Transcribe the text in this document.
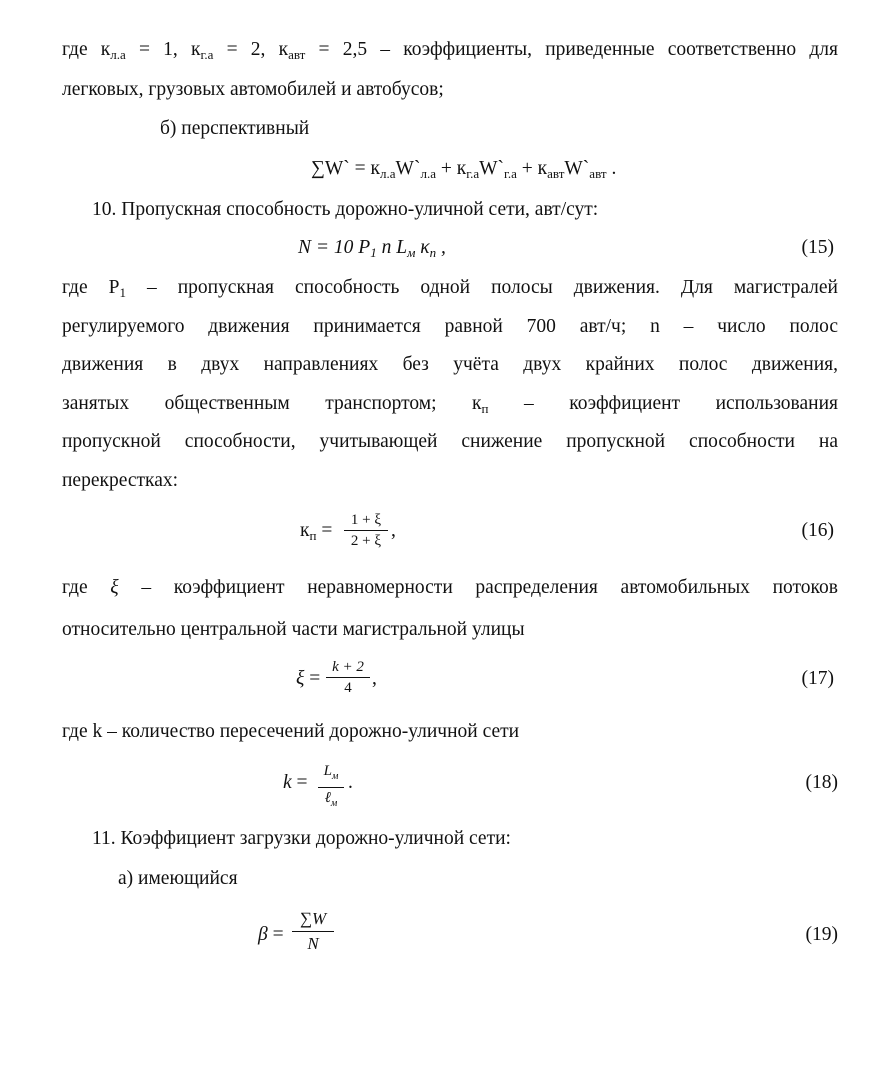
где $к_{л.а} = 1$, $к_{г.а} = 2$, $к_{авт} = 2,5$ – коэффициенты, приведенные соответственно для
легковых, грузовых автомобилей и автобусов;
б) перспективный
∑W` = $к_{л.а}W`_{л.а}$ + $к_{г.а}W`_{г.а}$ + $к_{авт}W`_{авт}$ .
10. Пропускная способность дорожно-уличной сети, авт/сут:
N = 10 $P_1$ n $L_м$ $\kappa_п$ ,	(15)
где $P_1$ – пропускная способность одной полосы движения. Для магистралей
регулируемого движения принимается равной 700 авт/ч; n – число полос
движения в двух направлениях без учёта двух крайних полос движения,
занятых общественным транспортом; $к_п$ – коэффициент использования
пропускной способности, учитывающей снижение пропускной способности на
перекрестках:
$к_п$ =	1 + ξ
2 + ξ ,	(16)
где ξ – коэффициент неравномерности распределения автомобильных потоков
относительно центральной части магистральной улицы
ξ =
k + 2
4	,	(17)
где k – количество пересечений дорожно-уличной сети
k =
$L_м$
ℓ$_м$
.	(18)
11. Коэффициент загрузки дорожно-уличной сети:
а) имеющийся
β =
∑W
N	(19)
